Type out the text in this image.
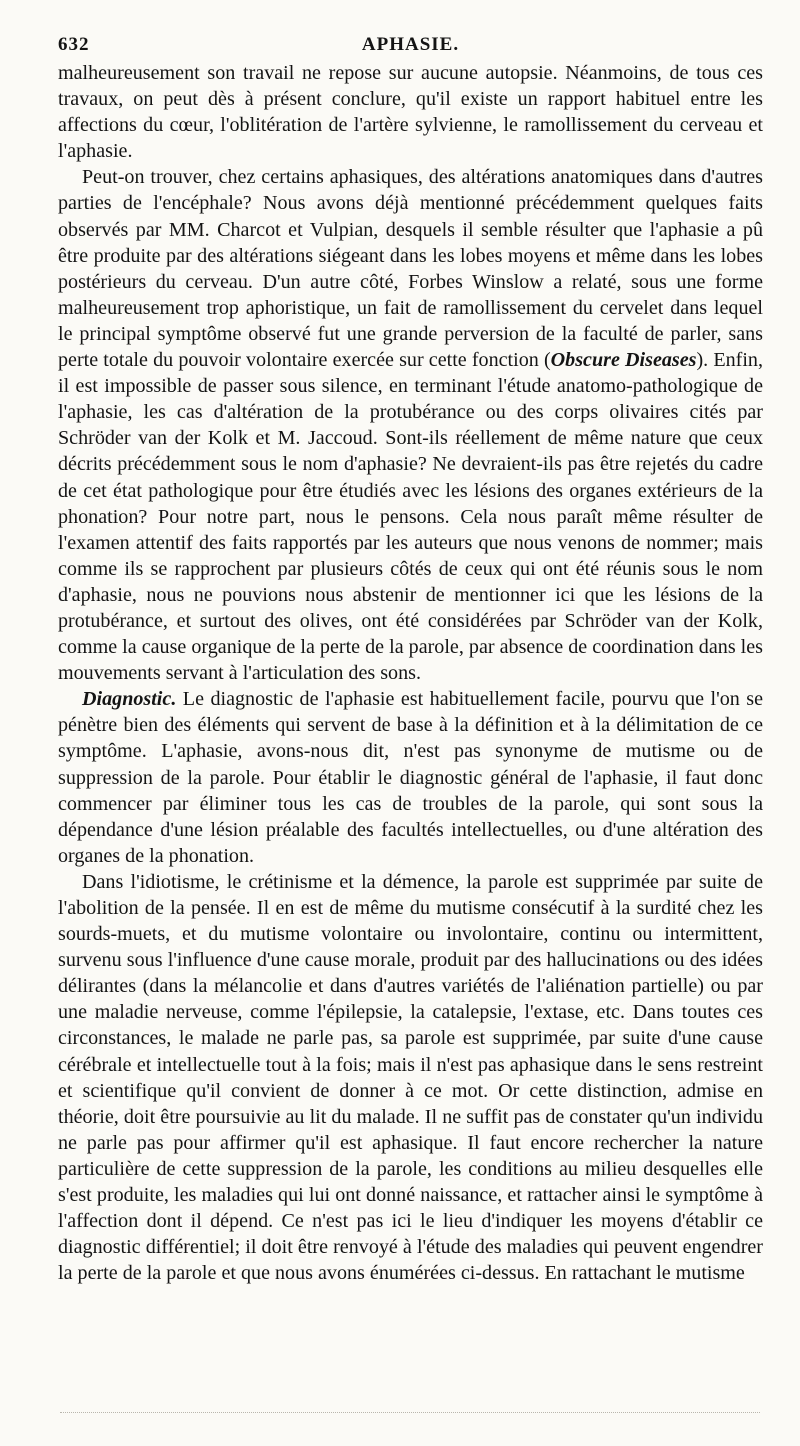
632	APHASIE.

malheureusement son travail ne repose sur aucune autopsie. Néanmoins, de tous ces travaux, on peut dès à présent conclure, qu'il existe un rapport habituel entre les affections du cœur, l'oblitération de l'artère sylvienne, le ramollissement du cerveau et l'aphasie.

Peut-on trouver, chez certains aphasiques, des altérations anatomiques dans d'autres parties de l'encéphale? Nous avons déjà mentionné précédemment quelques faits observés par MM. Charcot et Vulpian, desquels il semble résulter que l'aphasie a pû être produite par des altérations siégeant dans les lobes moyens et même dans les lobes postérieurs du cerveau. D'un autre côté, Forbes Winslow a relaté, sous une forme malheureusement trop aphoristique, un fait de ramollissement du cervelet dans lequel le principal symptôme observé fut une grande perversion de la faculté de parler, sans perte totale du pouvoir volontaire exercée sur cette fonction (Obscure Diseases). Enfin, il est impossible de passer sous silence, en terminant l'étude anatomo-pathologique de l'aphasie, les cas d'altération de la protubérance ou des corps olivaires cités par Schröder van der Kolk et M. Jaccoud. Sont-ils réellement de même nature que ceux décrits précédemment sous le nom d'aphasie? Ne devraient-ils pas être rejetés du cadre de cet état pathologique pour être étudiés avec les lésions des organes extérieurs de la phonation? Pour notre part, nous le pensons. Cela nous paraît même résulter de l'examen attentif des faits rapportés par les auteurs que nous venons de nommer; mais comme ils se rapprochent par plusieurs côtés de ceux qui ont été réunis sous le nom d'aphasie, nous ne pouvions nous abstenir de mentionner ici que les lésions de la protubérance, et surtout des olives, ont été considérées par Schröder van der Kolk, comme la cause organique de la perte de la parole, par absence de coordination dans les mouvements servant à l'articulation des sons.

Diagnostic. Le diagnostic de l'aphasie est habituellement facile, pourvu que l'on se pénètre bien des éléments qui servent de base à la définition et à la délimitation de ce symptôme. L'aphasie, avons-nous dit, n'est pas synonyme de mutisme ou de suppression de la parole. Pour établir le diagnostic général de l'aphasie, il faut donc commencer par éliminer tous les cas de troubles de la parole, qui sont sous la dépendance d'une lésion préalable des facultés intellectuelles, ou d'une altération des organes de la phonation.

Dans l'idiotisme, le crétinisme et la démence, la parole est supprimée par suite de l'abolition de la pensée. Il en est de même du mutisme consécutif à la surdité chez les sourds-muets, et du mutisme volontaire ou involontaire, continu ou intermittent, survenu sous l'influence d'une cause morale, produit par des hallucinations ou des idées délirantes (dans la mélancolie et dans d'autres variétés de l'aliénation partielle) ou par une maladie nerveuse, comme l'épilepsie, la catalepsie, l'extase, etc. Dans toutes ces circonstances, le malade ne parle pas, sa parole est supprimée, par suite d'une cause cérébrale et intellectuelle tout à la fois; mais il n'est pas aphasique dans le sens restreint et scientifique qu'il convient de donner à ce mot. Or cette distinction, admise en théorie, doit être poursuivie au lit du malade. Il ne suffit pas de constater qu'un individu ne parle pas pour affirmer qu'il est aphasique. Il faut encore rechercher la nature particulière de cette suppression de la parole, les conditions au milieu desquelles elle s'est produite, les maladies qui lui ont donné naissance, et rattacher ainsi le symptôme à l'affection dont il dépend. Ce n'est pas ici le lieu d'indiquer les moyens d'établir ce diagnostic différentiel; il doit être renvoyé à l'étude des maladies qui peuvent engendrer la perte de la parole et que nous avons énumérées ci-dessus. En rattachant le mutisme
